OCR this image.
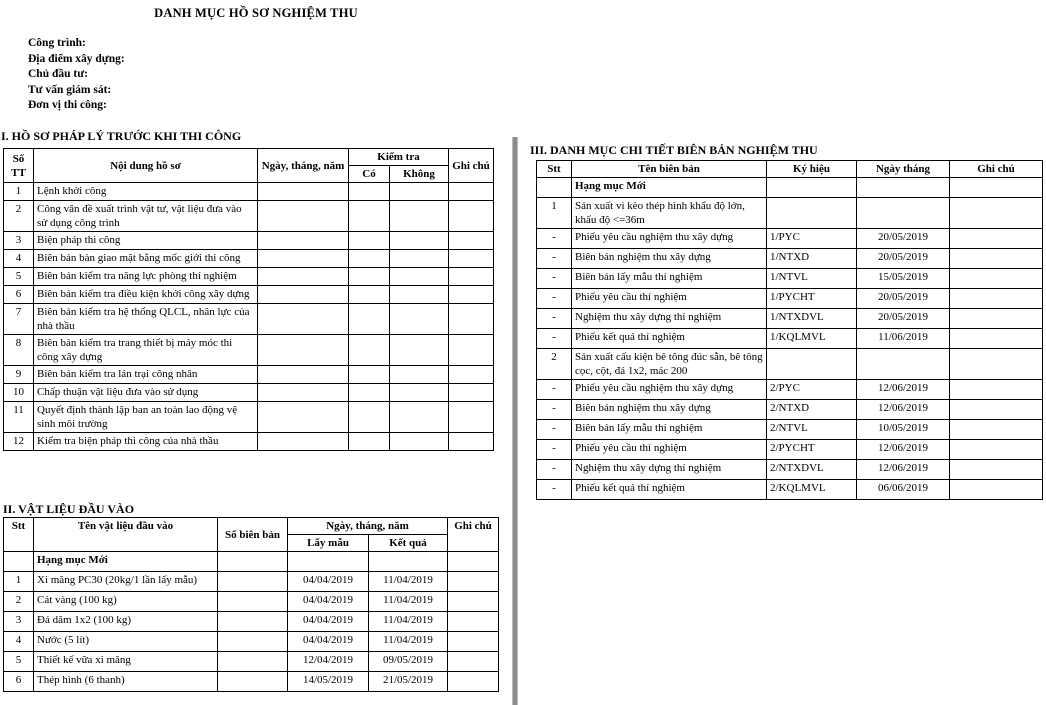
DANH MỤC HỒ SƠ NGHIỆM THU
Công trình:
Địa điểm xây dựng:
Chủ đầu tư:
Tư vấn giám sát:
Đơn vị thi công:
I. HỒ SƠ PHÁP LÝ TRƯỚC KHI THI CÔNG
Số TT	Nội dung hồ sơ	Ngày, tháng, năm	Kiểm tra		Ghi chú
			Có	Không	
1	Lệnh khởi công				
2	Công văn đề xuất trình vật tư, vật liệu đưa vào sử dụng công trình				
3	Biện pháp thi công				
4	Biên bản bàn giao mặt bằng mốc giới thi công				
5	Biên bản kiểm tra năng lực phòng thí nghiệm				
6	Biên bản kiểm tra điều kiện khởi công xây dựng				
7	Biên bản kiểm tra hệ thống QLCL, nhân lực của nhà thầu				
8	Biên bản kiểm tra trang thiết bị máy móc thi công xây dựng				
9	Biên bản kiểm tra lán trại công nhân				
10	Chấp thuận vật liệu đưa vào sử dụng				
11	Quyết định thành lập ban an toàn lao động vệ sinh môi trường				
12	Kiểm tra biện pháp thi công của nhà thầu				
II. VẬT LIỆU ĐẦU VÀO
Stt	Tên vật liệu đầu vào	Số biên bản	Ngày, tháng, năm		Ghi chú
			Lấy mẫu	Kết quả	
	Hạng mục Mới				
1	Xi măng PC30 (20kg/1 lần lấy mẫu)		04/04/2019	11/04/2019	
2	Cát vàng (100 kg)		04/04/2019	11/04/2019	
3	Đá dăm 1x2 (100 kg)		04/04/2019	11/04/2019	
4	Nước (5 lít)		04/04/2019	11/04/2019	
5	Thiết kế vữa xi măng		12/04/2019	09/05/2019	
6	Thép hình (6 thanh)		14/05/2019	21/05/2019	
III. DANH MỤC CHI TIẾT BIÊN BẢN NGHIỆM THU
Stt	Tên biên bản	Ký hiệu	Ngày tháng	Ghi chú
	Hạng mục Mới			
1	Sản xuất vì kèo thép hình khẩu độ lớn, khẩu độ <=36m			
-	Phiếu yêu cầu nghiệm thu xây dựng	1/PYC	20/05/2019	
-	Biên bản nghiệm thu xây dựng	1/NTXD	20/05/2019	
-	Biên bản lấy mẫu thí nghiệm	1/NTVL	15/05/2019	
-	Phiếu yêu cầu thí nghiệm	1/PYCHT	20/05/2019	
-	Nghiệm thu xây dựng thí nghiệm	1/NTXDVL	20/05/2019	
-	Phiếu kết quả thí nghiệm	1/KQLMVL	11/06/2019	
2	Sản xuất cấu kiện bê tông đúc sẵn, bê tông cọc, cột, đá 1x2, mác 200			
-	Phiếu yêu cầu nghiệm thu xây dựng	2/PYC	12/06/2019	
-	Biên bản nghiệm thu xây dựng	2/NTXD	12/06/2019	
-	Biên bản lấy mẫu thí nghiệm	2/NTVL	10/05/2019	
-	Phiếu yêu cầu thí nghiệm	2/PYCHT	12/06/2019	
-	Nghiệm thu xây dựng thí nghiệm	2/NTXDVL	12/06/2019	
-	Phiếu kết quả thí nghiệm	2/KQLMVL	06/06/2019	
